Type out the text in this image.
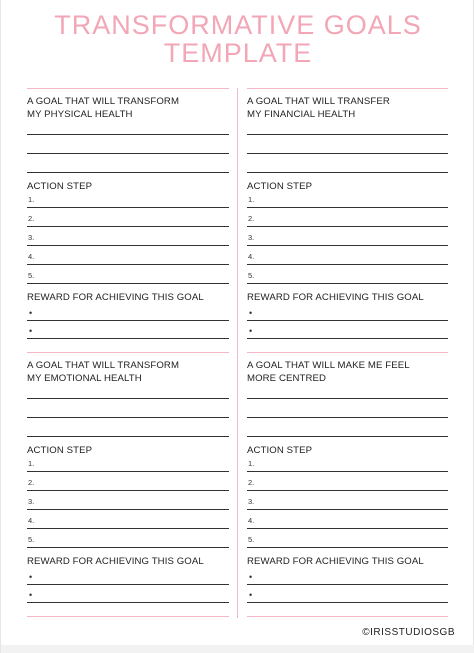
TRANSFORMATIVE GOALS
TEMPLATE
A GOAL THAT WILL TRANSFORM
MY PHYSICAL HEALTH
ACTION STEP
1.
2.
3.
4.
5.
REWARD FOR ACHIEVING THIS GOAL
•
•
A GOAL THAT WILL TRANSFER
MY FINANCIAL HEALTH
ACTION STEP
1.
2.
3.
4.
5.
REWARD FOR ACHIEVING THIS GOAL
•
•
A GOAL THAT WILL TRANSFORM
MY EMOTIONAL HEALTH
ACTION STEP
1.
2.
3.
4.
5.
REWARD FOR ACHIEVING THIS GOAL
•
•
A GOAL THAT WILL MAKE ME FEEL
MORE CENTRED
ACTION STEP
1.
2.
3.
4.
5.
REWARD FOR ACHIEVING THIS GOAL
•
•
©IRISSTUDIOSGB
